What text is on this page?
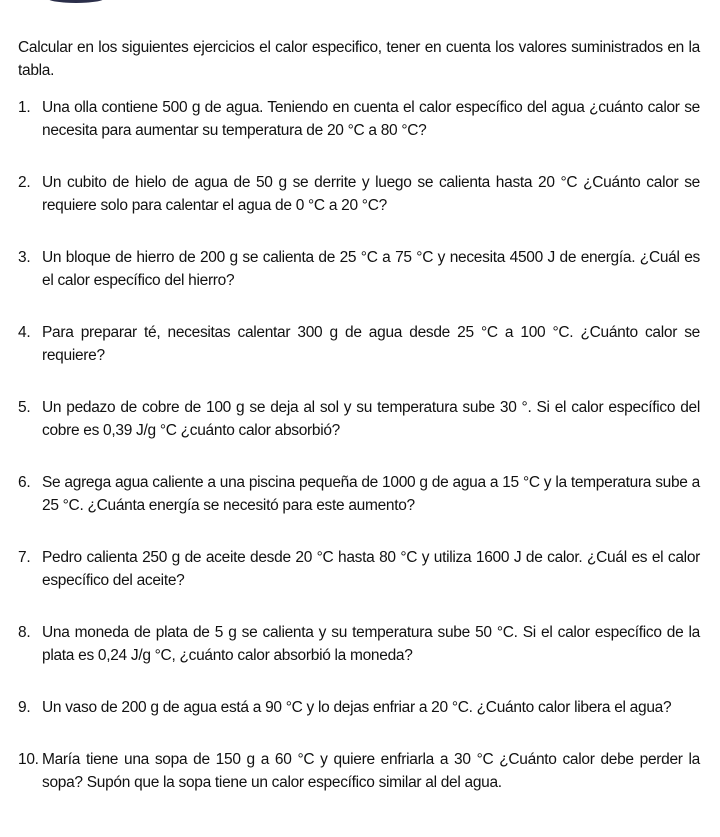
Calcular en los siguientes ejercicios el calor especifico, tener en cuenta los valores suministrados en la tabla.

1. Una olla contiene 500 g de agua. Teniendo en cuenta el calor específico del agua ¿cuánto calor se necesita para aumentar su temperatura de 20 °C a 80 °C?
2. Un cubito de hielo de agua de 50 g se derrite y luego se calienta hasta 20 °C ¿Cuánto calor se requiere solo para calentar el agua de 0 °C a 20 °C?
3. Un bloque de hierro de 200 g se calienta de 25 °C a 75 °C y necesita 4500 J de energía. ¿Cuál es el calor específico del hierro?
4. Para preparar té, necesitas calentar 300 g de agua desde 25 °C a 100 °C. ¿Cuánto calor se requiere?
5. Un pedazo de cobre de 100 g se deja al sol y su temperatura sube 30 °. Si el calor específico del cobre es 0,39 J/g °C ¿cuánto calor absorbió?
6. Se agrega agua caliente a una piscina pequeña de 1000 g de agua a 15 °C y la temperatura sube a 25 °C. ¿Cuánta energía se necesitó para este aumento?
7. Pedro calienta 250 g de aceite desde 20 °C hasta 80 °C y utiliza 1600 J de calor. ¿Cuál es el calor específico del aceite?
8. Una moneda de plata de 5 g se calienta y su temperatura sube 50 °C. Si el calor específico de la plata es 0,24 J/g °C, ¿cuánto calor absorbió la moneda?
9. Un vaso de 200 g de agua está a 90 °C y lo dejas enfriar a 20 °C. ¿Cuánto calor libera el agua?
10. María tiene una sopa de 150 g a 60 °C y quiere enfriarla a 30 °C ¿Cuánto calor debe perder la sopa? Supón que la sopa tiene un calor específico similar al del agua.
